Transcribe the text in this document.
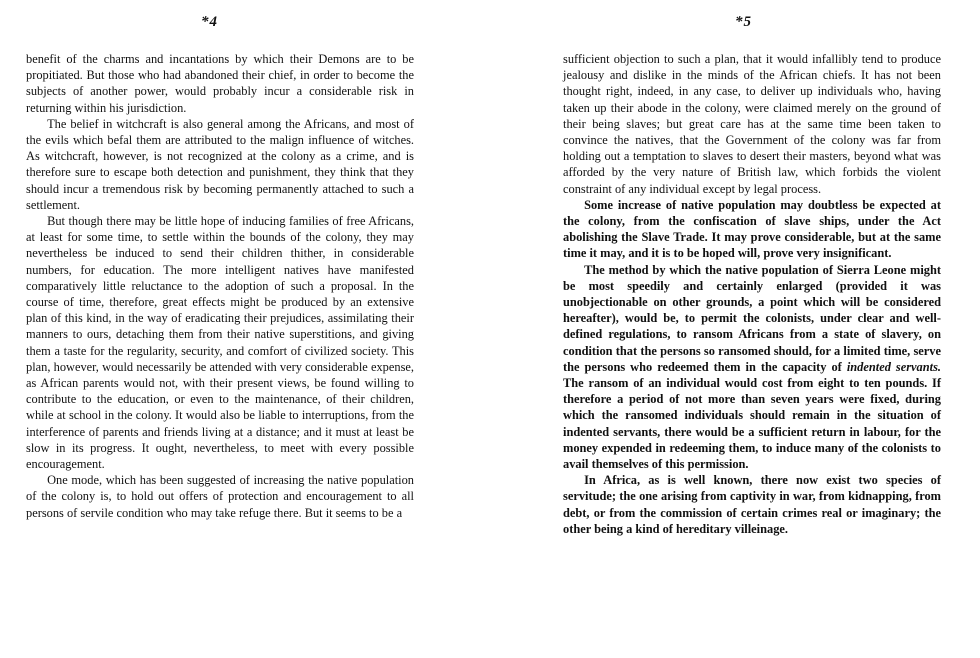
*4

benefit of the charms and incantations by which their Demons are to be propitiated. But those who had abandoned their chief, in order to become the subjects of another power, would probably incur a considerable risk in returning within his jurisdiction.

The belief in witchcraft is also general among the Africans, and most of the evils which befal them are attributed to the malign influence of witches. As witchcraft, however, is not recognized at the colony as a crime, and is therefore sure to escape both detection and punishment, they think that they should incur a tremendous risk by becoming permanently attached to such a settlement.

But though there may be little hope of inducing families of free Africans, at least for some time, to settle within the bounds of the colony, they may nevertheless be induced to send their children thither, in considerable numbers, for education. The more intelligent natives have manifested comparatively little reluctance to the adoption of such a proposal. In the course of time, therefore, great effects might be produced by an extensive plan of this kind, in the way of eradicating their prejudices, assimilating their manners to ours, detaching them from their native superstitions, and giving them a taste for the regularity, security, and comfort of civilized society. This plan, however, would necessarily be attended with very considerable expense, as African parents would not, with their present views, be found willing to contribute to the education, or even to the maintenance, of their children, while at school in the colony. It would also be liable to interruptions, from the interference of parents and friends living at a distance; and it must at least be slow in its progress. It ought, nevertheless, to meet with every possible encouragement.

One mode, which has been suggested of increasing the native population of the colony is, to hold out offers of protection and encouragement to all persons of servile condition who may take refuge there. But it seems to be a

*5

sufficient objection to such a plan, that it would infallibly tend to produce jealousy and dislike in the minds of the African chiefs. It has not been thought right, indeed, in any case, to deliver up individuals who, having taken up their abode in the colony, were claimed merely on the ground of their being slaves; but great care has at the same time been taken to convince the natives, that the Government of the colony was far from holding out a temptation to slaves to desert their masters, beyond what was afforded by the very nature of British law, which forbids the violent constraint of any individual except by legal process.

Some increase of native population may doubtless be expected at the colony, from the confiscation of slave ships, under the Act abolishing the Slave Trade. It may prove considerable, but at the same time it may, and it is to be hoped will, prove very insignificant.

The method by which the native population of Sierra Leone might be most speedily and certainly enlarged (provided it was unobjectionable on other grounds, a point which will be considered hereafter), would be, to permit the colonists, under clear and well-defined regulations, to ransom Africans from a state of slavery, on condition that the persons so ransomed should, for a limited time, serve the persons who redeemed them in the capacity of indented servants. The ransom of an individual would cost from eight to ten pounds. If therefore a period of not more than seven years were fixed, during which the ransomed individuals should remain in the situation of indented servants, there would be a sufficient return in labour, for the money expended in redeeming them, to induce many of the colonists to avail themselves of this permission.

In Africa, as is well known, there now exist two species of servitude; the one arising from captivity in war, from kidnapping, from debt, or from the commission of certain crimes real or imaginary; the other being a kind of hereditary villeinage.
